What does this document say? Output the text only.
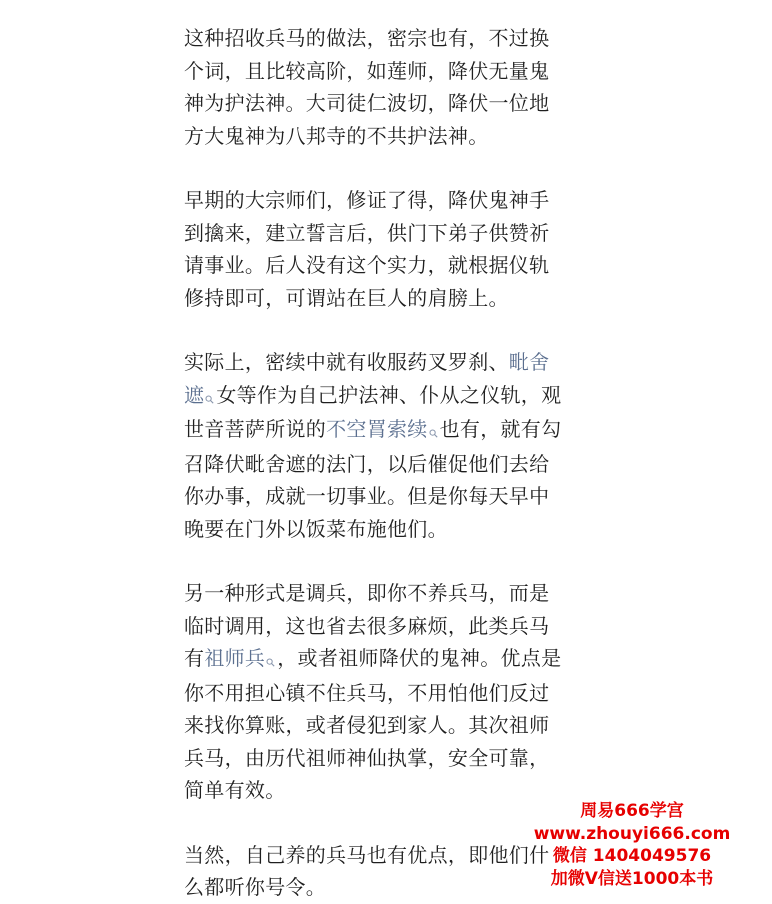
这种招收兵马的做法，密宗也有，不过换
个词，且比较高阶，如莲师，降伏无量鬼
神为护法神。大司徒仁波切，降伏一位地
方大鬼神为八邦寺的不共护法神。
早期的大宗师们，修证了得，降伏鬼神手
到擒来，建立誓言后，供门下弟子供赞祈
请事业。后人没有这个实力，就根据仪轨
修持即可，可谓站在巨人的肩膀上。
实际上，密续中就有收服药叉罗刹、毗舍
遮 女等作为自己护法神、仆从之仪轨，观
世音菩萨所说的不空罥索续 也有，就有勾
召降伏毗舍遮的法门，以后催促他们去给
你办事，成就一切事业。但是你每天早中
晚要在门外以饭菜布施他们。
另一种形式是调兵，即你不养兵马，而是
临时调用，这也省去很多麻烦，此类兵马
有祖师兵 ，或者祖师降伏的鬼神。优点是
你不用担心镇不住兵马，不用怕他们反过
来找你算账，或者侵犯到家人。其次祖师
兵马，由历代祖师神仙执掌，安全可靠，
简单有效。
当然，自己养的兵马也有优点，即他们什
么都听你号令。
周易666学宫
www.zhouyi666.com
微信 1404049576
加微V信送1000本书
